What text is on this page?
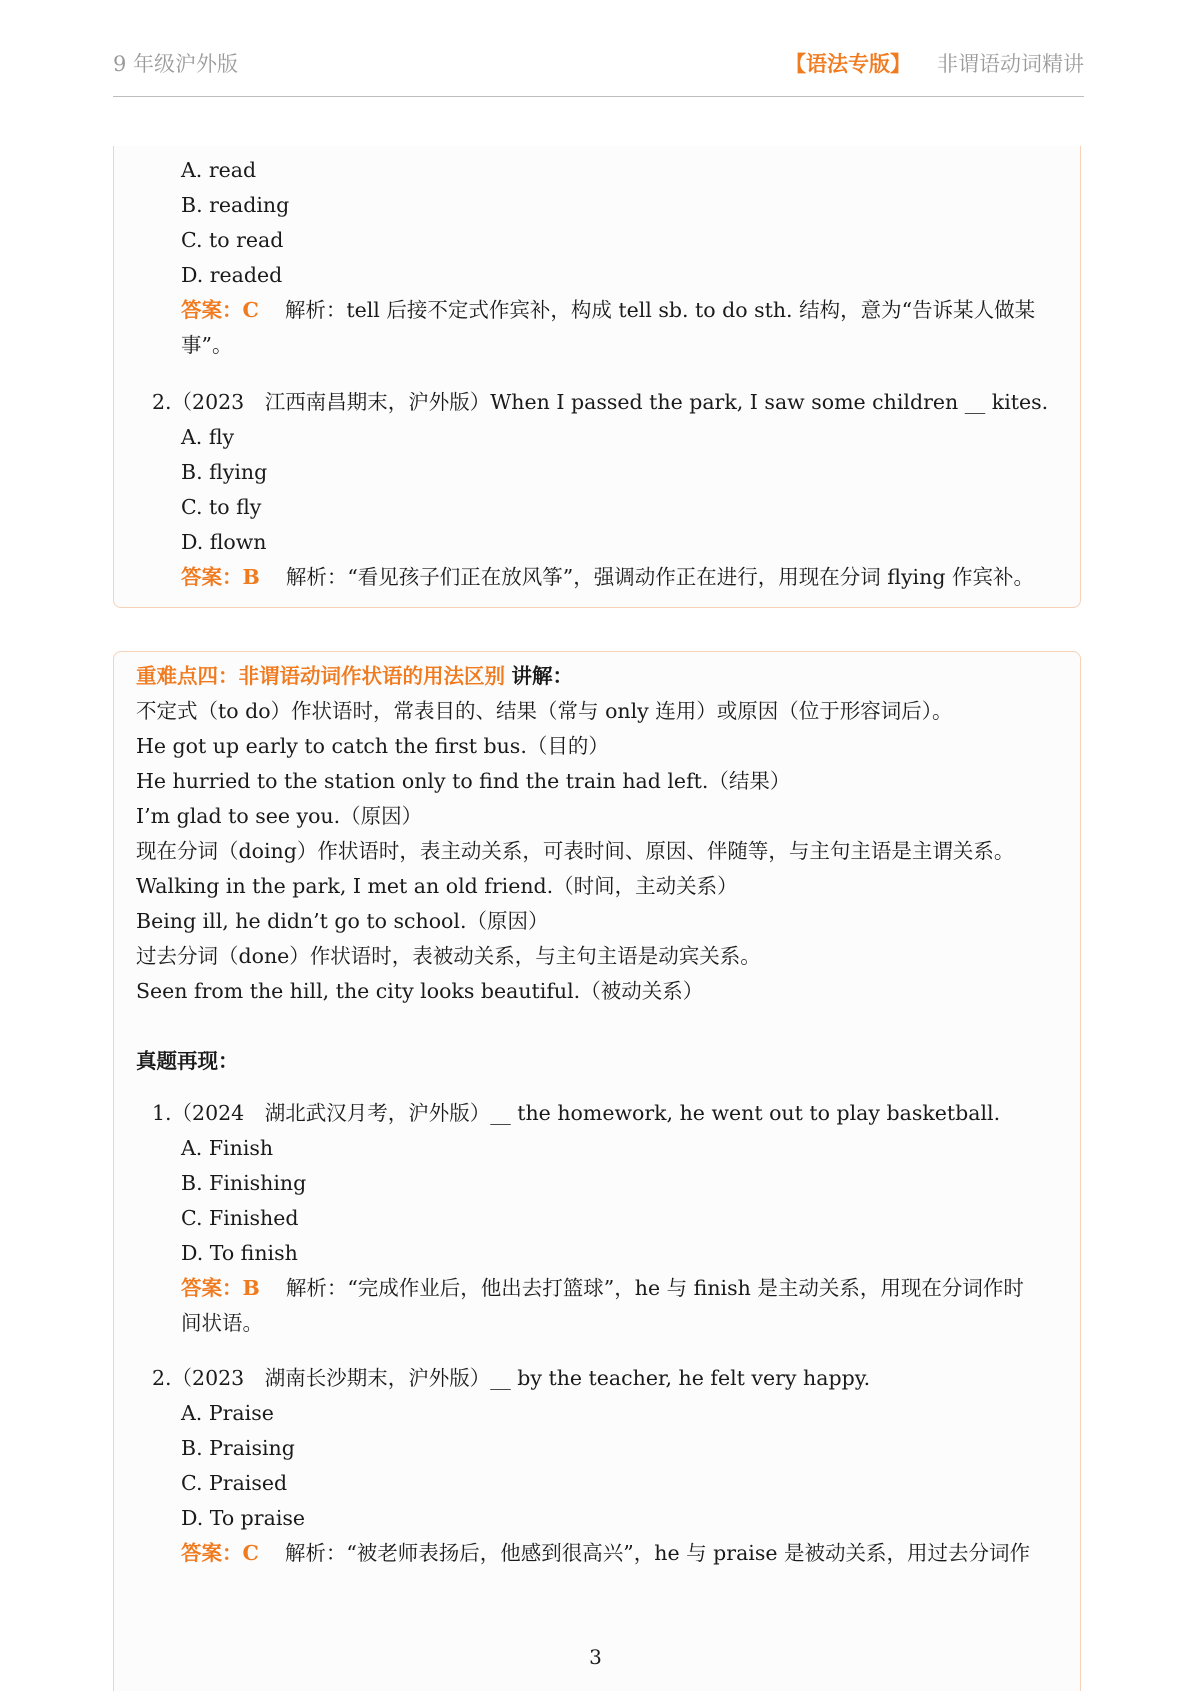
9 年级沪外版	【语法专版】 非谓语动词精讲
A. read
B. reading
C. to read
D. readed
答案：C 解析：tell 后接不定式作宾补，构成 tell sb. to do sth. 结构，意为“告诉某人做某
事”。
2.（2023　江西南昌期末，沪外版）When I passed the park, I saw some children __ kites.
A. fly
B. flying
C. to fly
D. flown
答案：B 解析：“看见孩子们正在放风筝”，强调动作正在进行，用现在分词 flying 作宾补。
重难点四：非谓语动词作状语的用法区别 讲解：
不定式（to do）作状语时，常表目的、结果（常与 only 连用）或原因（位于形容词后）。
He got up early to catch the first bus.（目的）
He hurried to the station only to find the train had left.（结果）
I’m glad to see you.（原因）
现在分词（doing）作状语时，表主动关系，可表时间、原因、伴随等，与主句主语是主谓关系。
Walking in the park, I met an old friend.（时间，主动关系）
Being ill, he didn’t go to school.（原因）
过去分词（done）作状语时，表被动关系，与主句主语是动宾关系。
Seen from the hill, the city looks beautiful.（被动关系）
真题再现：
1.（2024　湖北武汉月考，沪外版）__ the homework, he went out to play basketball.
A. Finish
B. Finishing
C. Finished
D. To finish
答案：B 解析：“完成作业后，他出去打篮球”，he 与 finish 是主动关系，用现在分词作时
间状语。
2.（2023　湖南长沙期末，沪外版）__ by the teacher, he felt very happy.
A. Praise
B. Praising
C. Praised
D. To praise
答案：C 解析：“被老师表扬后，他感到很高兴”，he 与 praise 是被动关系，用过去分词作
3
